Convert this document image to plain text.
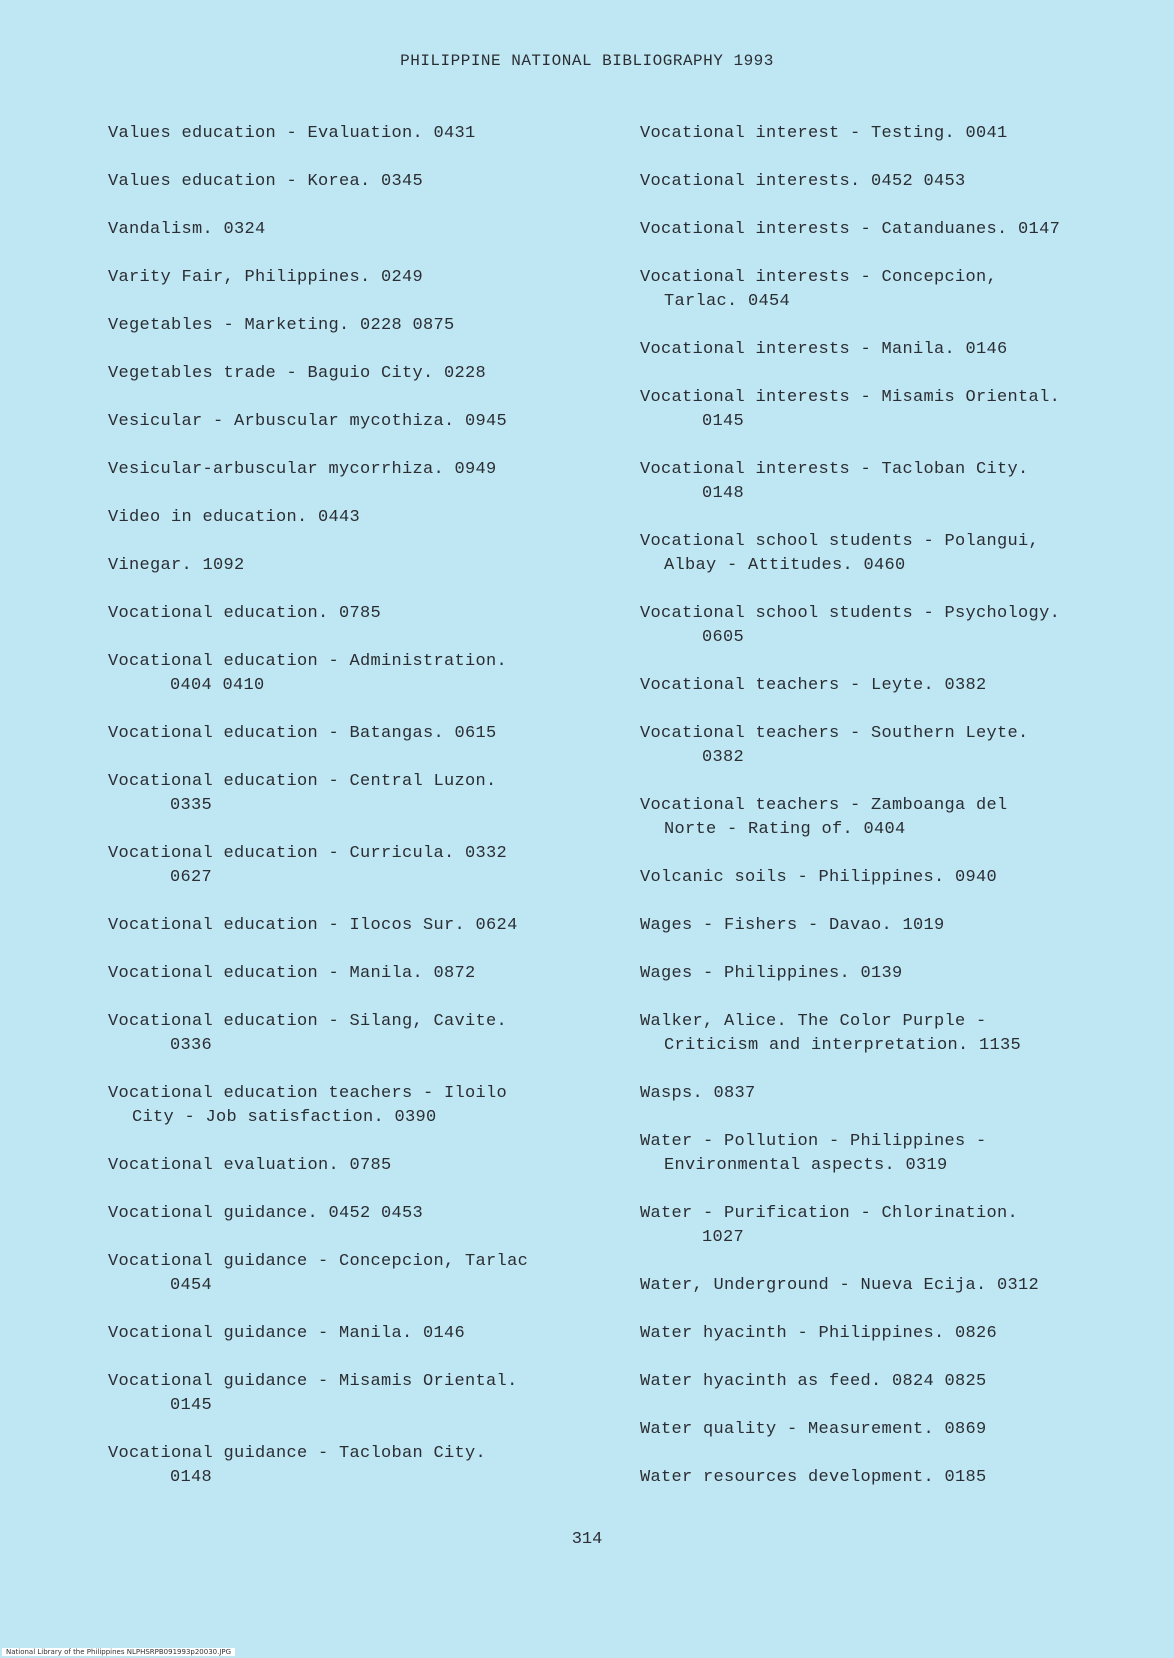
PHILIPPINE NATIONAL BIBLIOGRAPHY 1993
Values education - Evaluation. 0431
Values education - Korea. 0345
Vandalism. 0324
Varity Fair, Philippines. 0249
Vegetables - Marketing. 0228 0875
Vegetables trade - Baguio City. 0228
Vesicular - Arbuscular mycothiza. 0945
Vesicular-arbuscular mycorrhiza. 0949
Video in education. 0443
Vinegar. 1092
Vocational education. 0785
Vocational education - Administration.
0404 0410
Vocational education - Batangas. 0615
Vocational education - Central Luzon.
0335
Vocational education - Curricula. 0332
0627
Vocational education - Ilocos Sur. 0624
Vocational education - Manila. 0872
Vocational education - Silang, Cavite.
0336
Vocational education teachers - Iloilo
City - Job satisfaction. 0390
Vocational evaluation. 0785
Vocational guidance. 0452 0453
Vocational guidance - Concepcion, Tarlac
0454
Vocational guidance - Manila. 0146
Vocational guidance - Misamis Oriental.
0145
Vocational guidance - Tacloban City.
0148
Vocational interest - Testing. 0041
Vocational interests. 0452 0453
Vocational interests - Catanduanes. 0147
Vocational interests - Concepcion,
Tarlac. 0454
Vocational interests - Manila. 0146
Vocational interests - Misamis Oriental.
0145
Vocational interests - Tacloban City.
0148
Vocational school students - Polangui,
Albay - Attitudes. 0460
Vocational school students - Psychology.
0605
Vocational teachers - Leyte. 0382
Vocational teachers - Southern Leyte.
0382
Vocational teachers - Zamboanga del
Norte - Rating of. 0404
Volcanic soils - Philippines. 0940
Wages - Fishers - Davao. 1019
Wages - Philippines. 0139
Walker, Alice. The Color Purple -
Criticism and interpretation. 1135
Wasps. 0837
Water - Pollution - Philippines -
Environmental aspects. 0319
Water - Purification - Chlorination.
1027
Water, Underground - Nueva Ecija. 0312
Water hyacinth - Philippines. 0826
Water hyacinth as feed. 0824 0825
Water quality - Measurement. 0869
Water resources development. 0185
314
National Library of the Philippines NLPHSRPB091993p20030.JPG
